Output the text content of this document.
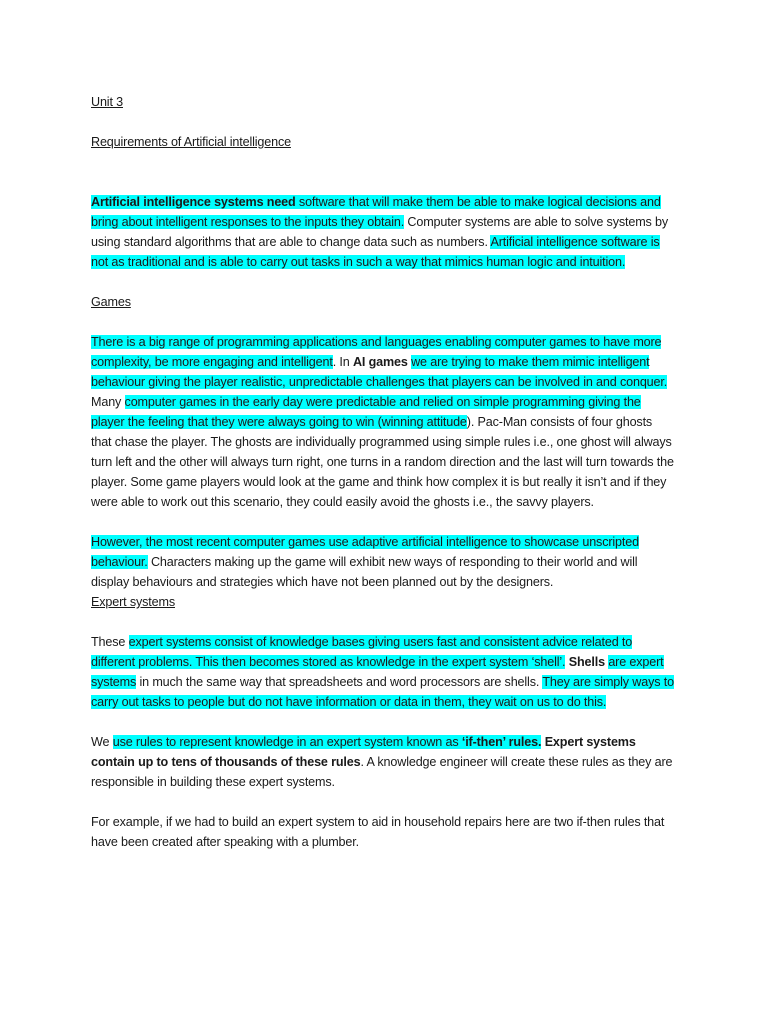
Unit 3

Requirements of Artificial intelligence

Artificial intelligence systems need software that will make them be able to make logical decisions and bring about intelligent responses to the inputs they obtain. Computer systems are able to solve systems by using standard algorithms that are able to change data such as numbers. Artificial intelligence software is not as traditional and is able to carry out tasks in such a way that mimics human logic and intuition.

Games

There is a big range of programming applications and languages enabling computer games to have more complexity, be more engaging and intelligent. In AI games we are trying to make them mimic intelligent behaviour giving the player realistic, unpredictable challenges that players can be involved in and conquer. Many computer games in the early day were predictable and relied on simple programming giving the player the feeling that they were always going to win (winning attitude). Pac-Man consists of four ghosts that chase the player. The ghosts are individually programmed using simple rules i.e., one ghost will always turn left and the other will always turn right, one turns in a random direction and the last will turn towards the player. Some game players would look at the game and think how complex it is but really it isn’t and if they were able to work out this scenario, they could easily avoid the ghosts i.e., the savvy players.

However, the most recent computer games use adaptive artificial intelligence to showcase unscripted behaviour. Characters making up the game will exhibit new ways of responding to their world and will display behaviours and strategies which have not been planned out by the designers.

Expert systems

These expert systems consist of knowledge bases giving users fast and consistent advice related to different problems. This then becomes stored as knowledge in the expert system ‘shell’. Shells are expert systems in much the same way that spreadsheets and word processors are shells. They are simply ways to carry out tasks to people but do not have information or data in them, they wait on us to do this.

We use rules to represent knowledge in an expert system known as ‘if-then’ rules. Expert systems contain up to tens of thousands of these rules. A knowledge engineer will create these rules as they are responsible in building these expert systems.

For example, if we had to build an expert system to aid in household repairs here are two if-then rules that have been created after speaking with a plumber.
